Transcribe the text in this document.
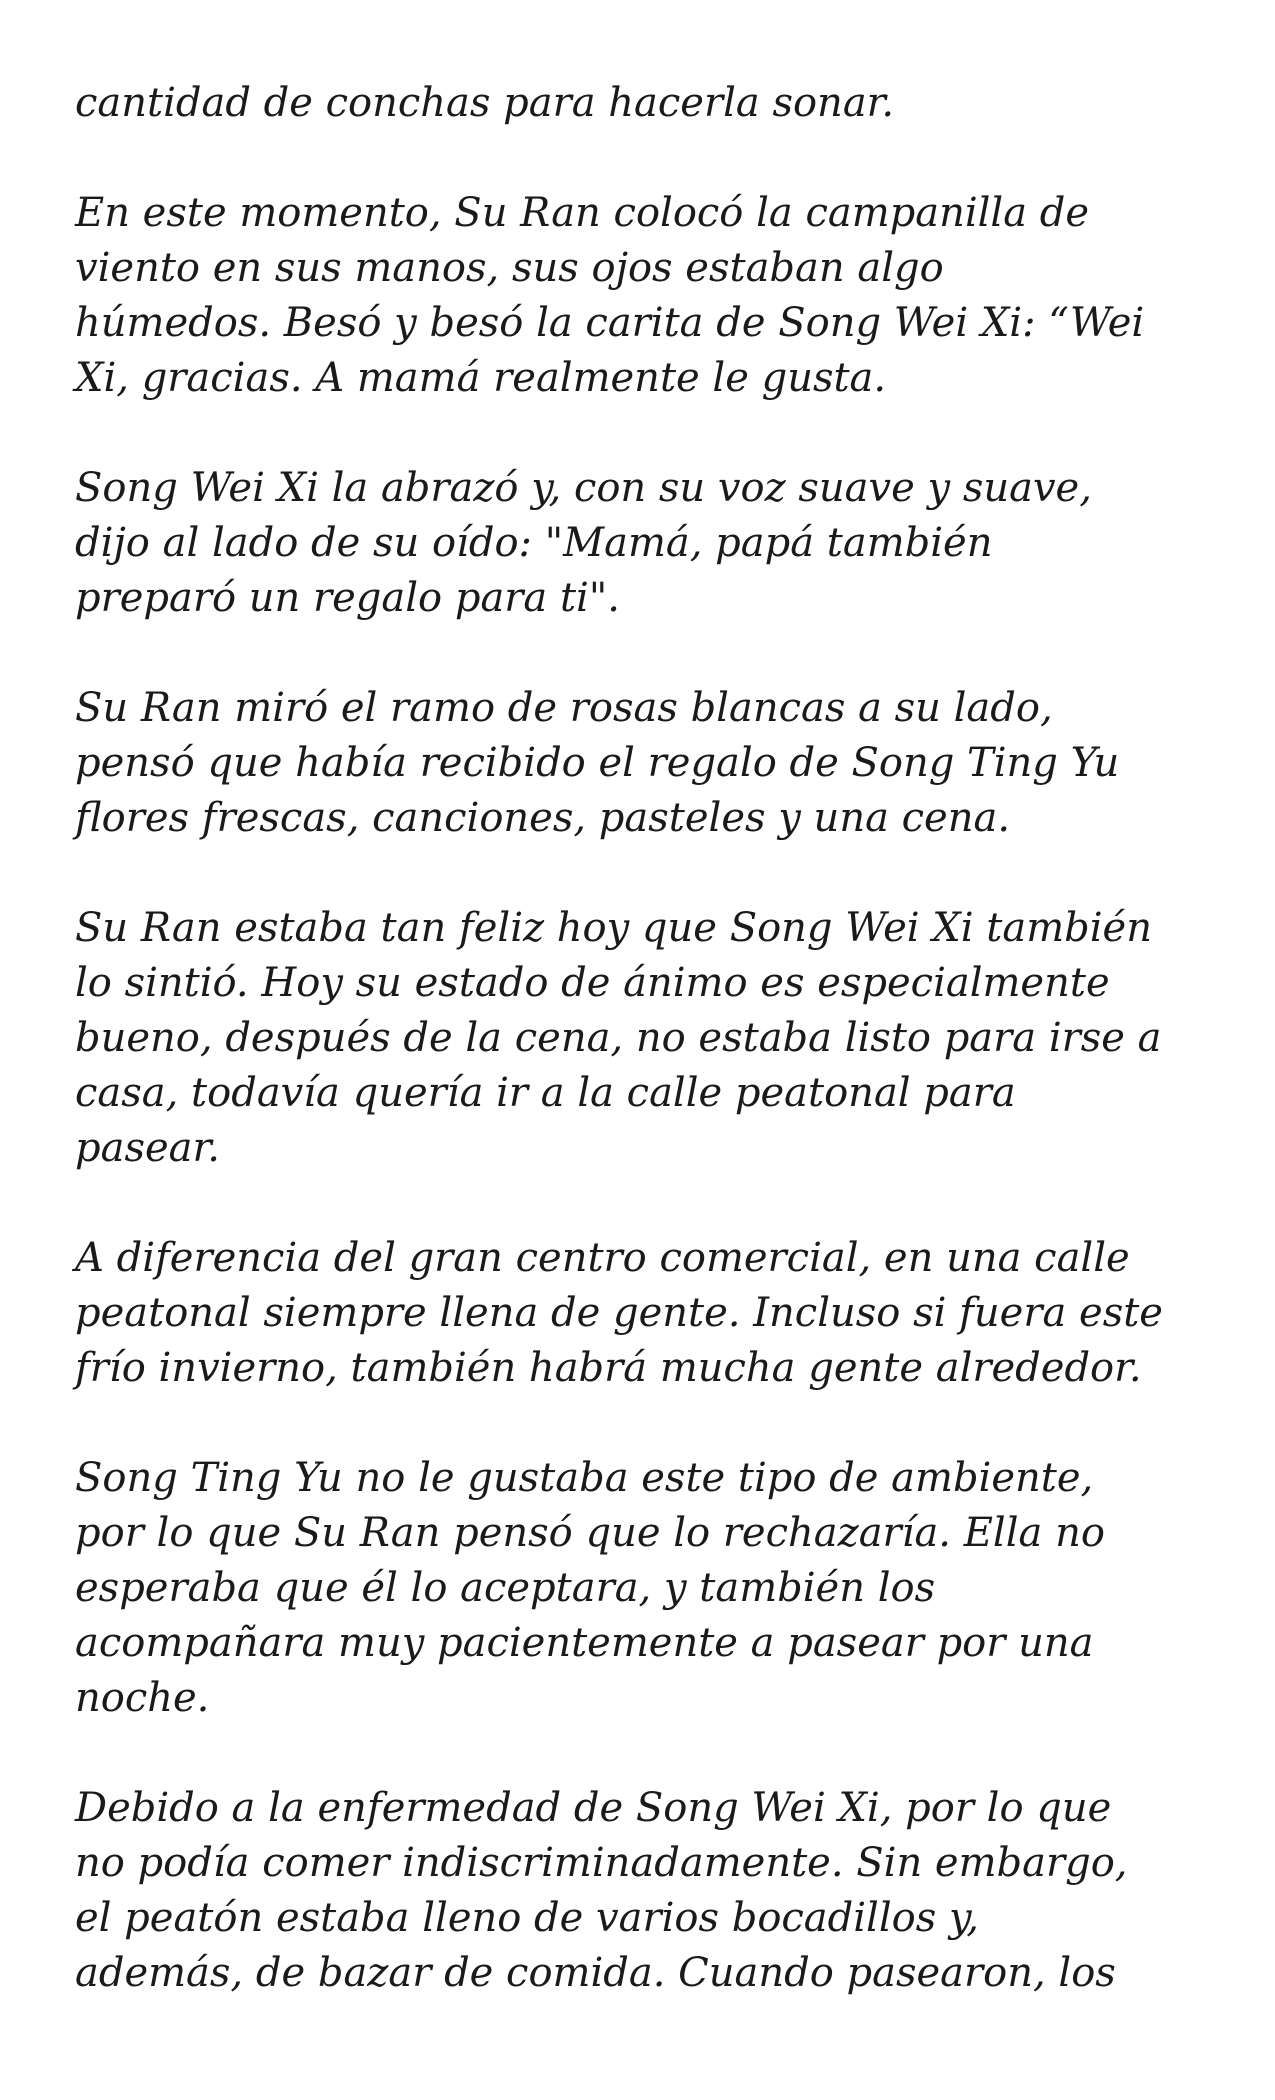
cantidad de conchas para hacerla sonar.

En este momento, Su Ran colocó la campanilla de
viento en sus manos, sus ojos estaban algo
húmedos. Besó y besó la carita de Song Wei Xi: “Wei
Xi, gracias. A mamá realmente le gusta.

Song Wei Xi la abrazó y, con su voz suave y suave,
dijo al lado de su oído: "Mamá, papá también
preparó un regalo para ti".

Su Ran miró el ramo de rosas blancas a su lado,
pensó que había recibido el regalo de Song Ting Yu
flores frescas, canciones, pasteles y una cena.

Su Ran estaba tan feliz hoy que Song Wei Xi también
lo sintió. Hoy su estado de ánimo es especialmente
bueno, después de la cena, no estaba listo para irse a
casa, todavía quería ir a la calle peatonal para
pasear.

A diferencia del gran centro comercial, en una calle
peatonal siempre llena de gente. Incluso si fuera este
frío invierno, también habrá mucha gente alrededor.

Song Ting Yu no le gustaba este tipo de ambiente,
por lo que Su Ran pensó que lo rechazaría. Ella no
esperaba que él lo aceptara, y también los
acompañara muy pacientemente a pasear por una
noche.

Debido a la enfermedad de Song Wei Xi, por lo que
no podía comer indiscriminadamente. Sin embargo,
el peatón estaba lleno de varios bocadillos y,
además, de bazar de comida. Cuando pasearon, los
